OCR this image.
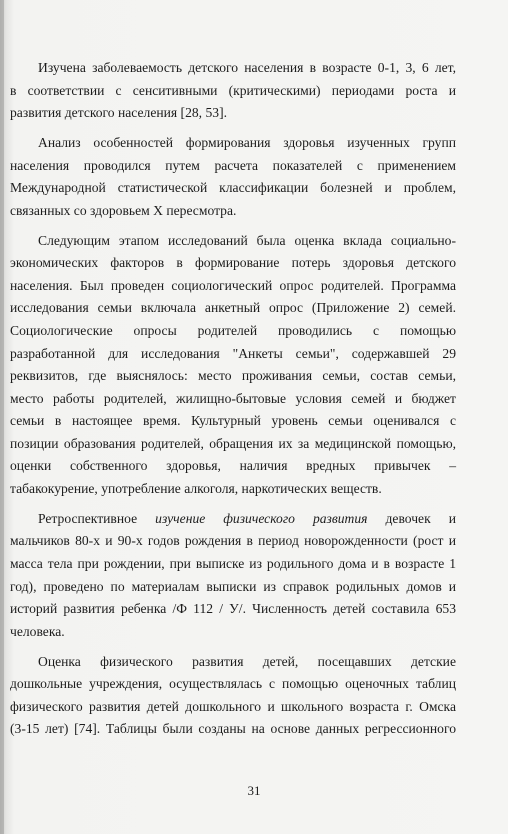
Изучена заболеваемость детского населения в возрасте 0-1, 3, 6 лет,
в соответствии с сенситивными (критическими) периодами роста и
развития детского населения [28, 53].
Анализ особенностей формирования здоровья изученных групп
населения проводился путем расчета показателей с применением
Международной статистической классификации болезней и проблем,
связанных со здоровьем X пересмотра.
Следующим этапом исследований была оценка вклада социально-
экономических факторов в формирование потерь здоровья детского
населения. Был проведен социологический опрос родителей. Программа
исследования семьи включала анкетный опрос (Приложение 2) семей.
Социологические опросы родителей проводились с помощью
разработанной для исследования "Анкеты семьи", содержавшей 29
реквизитов, где выяснялось: место проживания семьи, состав семьи,
место работы родителей, жилищно-бытовые условия семей и бюджет
семьи в настоящее время. Культурный уровень семьи оценивался с
позиции образования родителей, обращения их за медицинской помощью,
оценки собственного здоровья, наличия вредных привычек –
табакокурение, употребление алкоголя, наркотических веществ.
Ретроспективное изучение физического развития девочек и
мальчиков 80-х и 90-х годов рождения в период новорожденности (рост и
масса тела при рождении, при выписке из родильного дома и в возрасте 1
год), проведено по материалам выписки из справок родильных домов и
историй развития ребенка /Ф 112 / У/. Численность детей составила 653
человека.
Оценка физического развития детей, посещавших детские
дошкольные учреждения, осуществлялась с помощью оценочных таблиц
физического развития детей дошкольного и школьного возраста г. Омска
(3-15 лет) [74]. Таблицы были созданы на основе данных регрессионного
31
